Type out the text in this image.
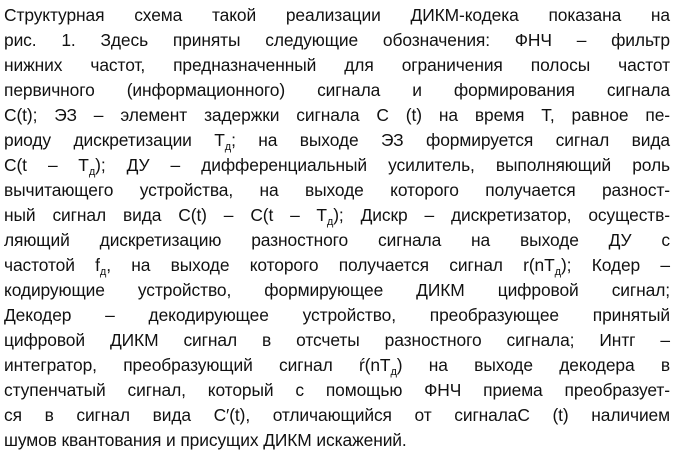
Структурная схема такой реализации ДИКМ-кодека показана на
рис. 1. Здесь приняты следующие обозначения: ФНЧ – фильтр
нижних частот, предназначенный для ограничения полосы частот
первичного (информационного) сигнала и формирования сигнала
C(t); ЭЗ – элемент задержки сигнала C (t) на время T, равное пе-
риоду дискретизации $T_д$; на выходе ЭЗ формируется сигнал вида
$C(t - T_д)$; ДУ – дифференциальный усилитель, выполняющий роль
вычитающего устройства, на выходе которого получается разност-
ный сигнал вида $C(t) - C(t - T_д)$; Дискр – дискретизатор, осуществ-
ляющий дискретизацию разностного сигнала на выходе ДУ с
частотой $f_д$, на выходе которого получается сигнал $r(nT_д)$; Кодер –
кодирующие устройство, формирующее ДИКМ цифровой сигнал;
Декодер – декодирующее устройство, преобразующее принятый
цифровой ДИКМ сигнал в отсчеты разностного сигнала; Интг –
интегратор, преобразующий сигнал $ŕ(nT_д)$ на выходе декодера в
ступенчатый сигнал, который с помощью ФНЧ приема преобразует-
ся в сигнал вида C′(t), отличающийся от сигналаC (t) наличием
шумов квантования и присущих ДИКМ искажений.
